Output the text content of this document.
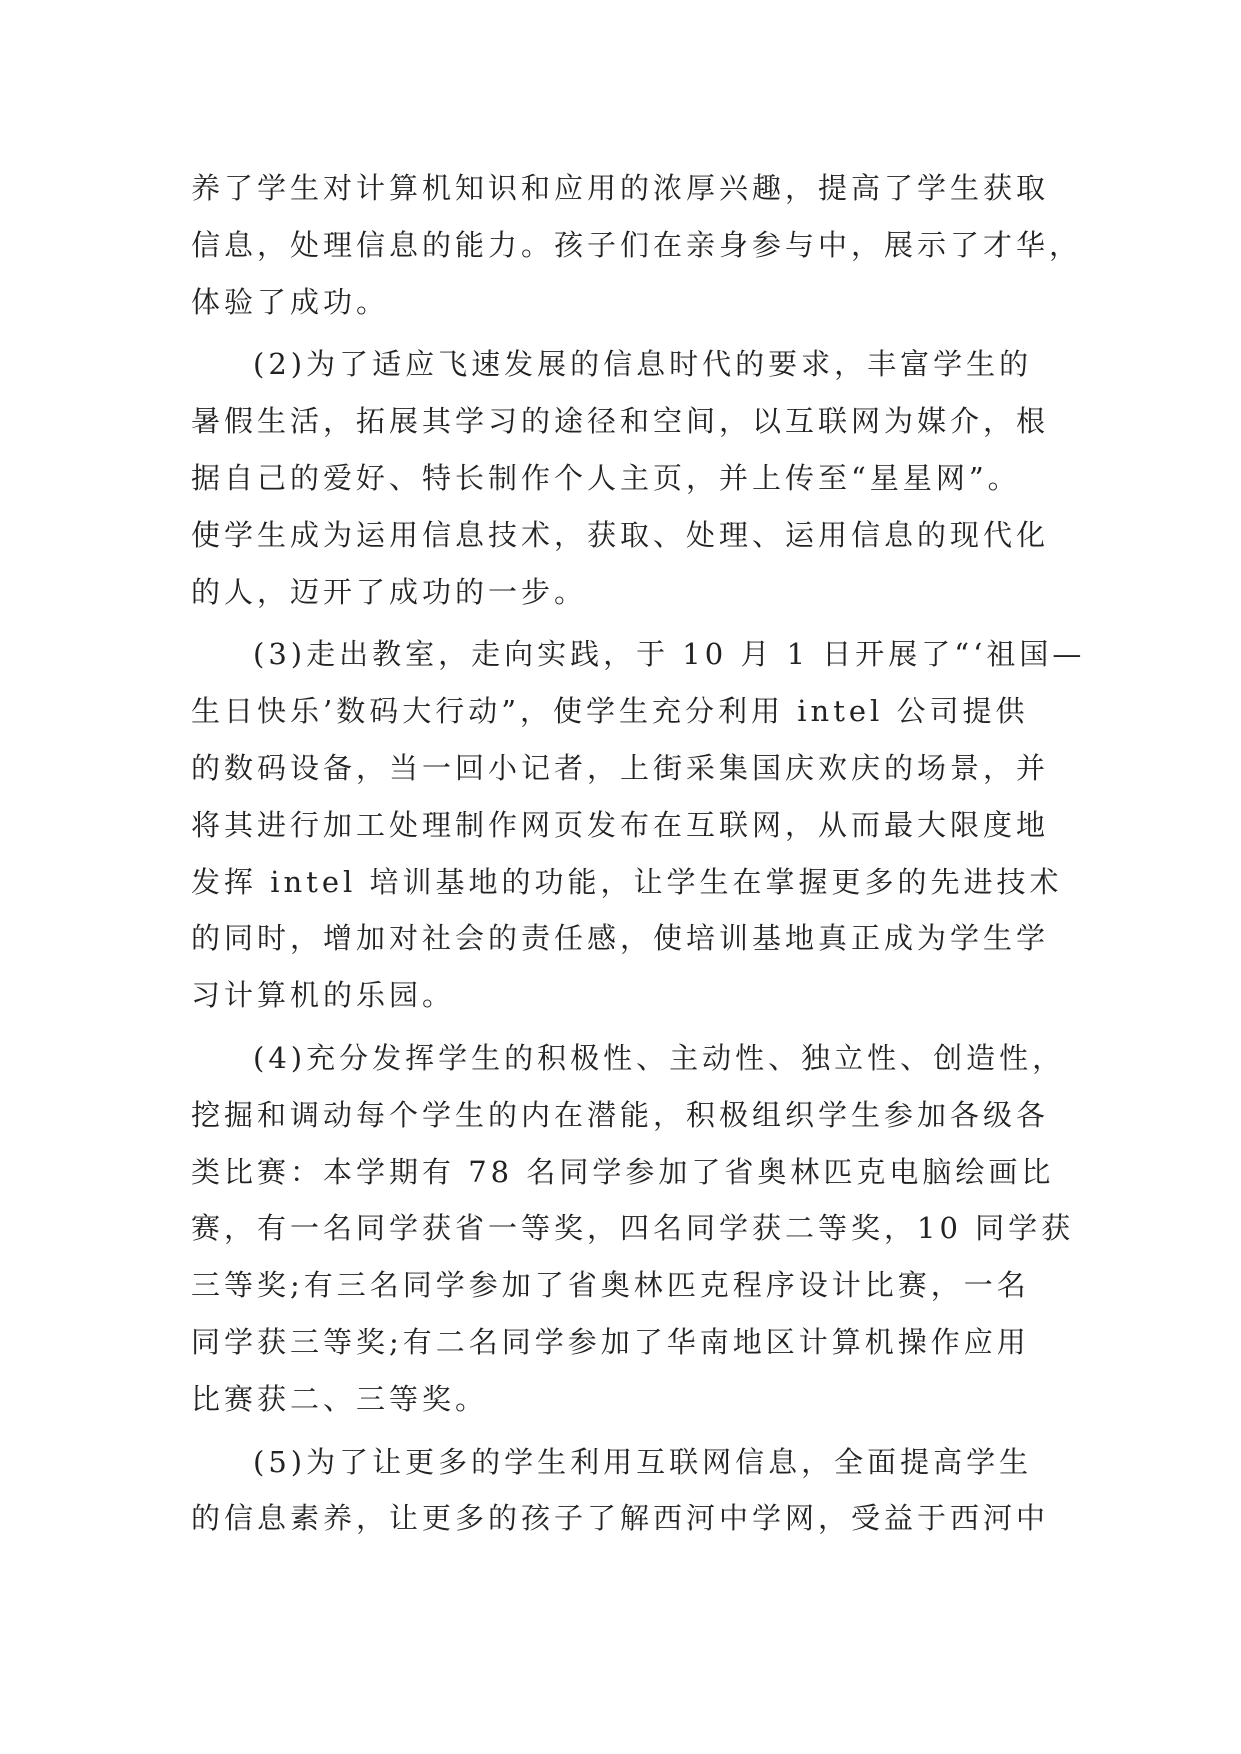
养了学生对计算机知识和应用的浓厚兴趣，提高了学生获取
信息，处理信息的能力。孩子们在亲身参与中，展示了才华，
体验了成功。

(2)为了适应飞速发展的信息时代的要求，丰富学生的
暑假生活，拓展其学习的途径和空间，以互联网为媒介，根
据自己的爱好、特长制作个人主页，并上传至“星星网”。
使学生成为运用信息技术，获取、处理、运用信息的现代化
的人，迈开了成功的一步。

(3)走出教室，走向实践，于 10 月 1 日开展了“‘祖国—
生日快乐’数码大行动”，使学生充分利用 intel 公司提供
的数码设备，当一回小记者，上街采集国庆欢庆的场景，并
将其进行加工处理制作网页发布在互联网，从而最大限度地
发挥 intel 培训基地的功能，让学生在掌握更多的先进技术
的同时，增加对社会的责任感，使培训基地真正成为学生学
习计算机的乐园。

(4)充分发挥学生的积极性、主动性、独立性、创造性，
挖掘和调动每个学生的内在潜能，积极组织学生参加各级各
类比赛：本学期有 78 名同学参加了省奥林匹克电脑绘画比
赛，有一名同学获省一等奖，四名同学获二等奖，10 同学获
三等奖;有三名同学参加了省奥林匹克程序设计比赛，一名
同学获三等奖;有二名同学参加了华南地区计算机操作应用
比赛获二、三等奖。

(5)为了让更多的学生利用互联网信息，全面提高学生
的信息素养，让更多的孩子了解西河中学网，受益于西河中
